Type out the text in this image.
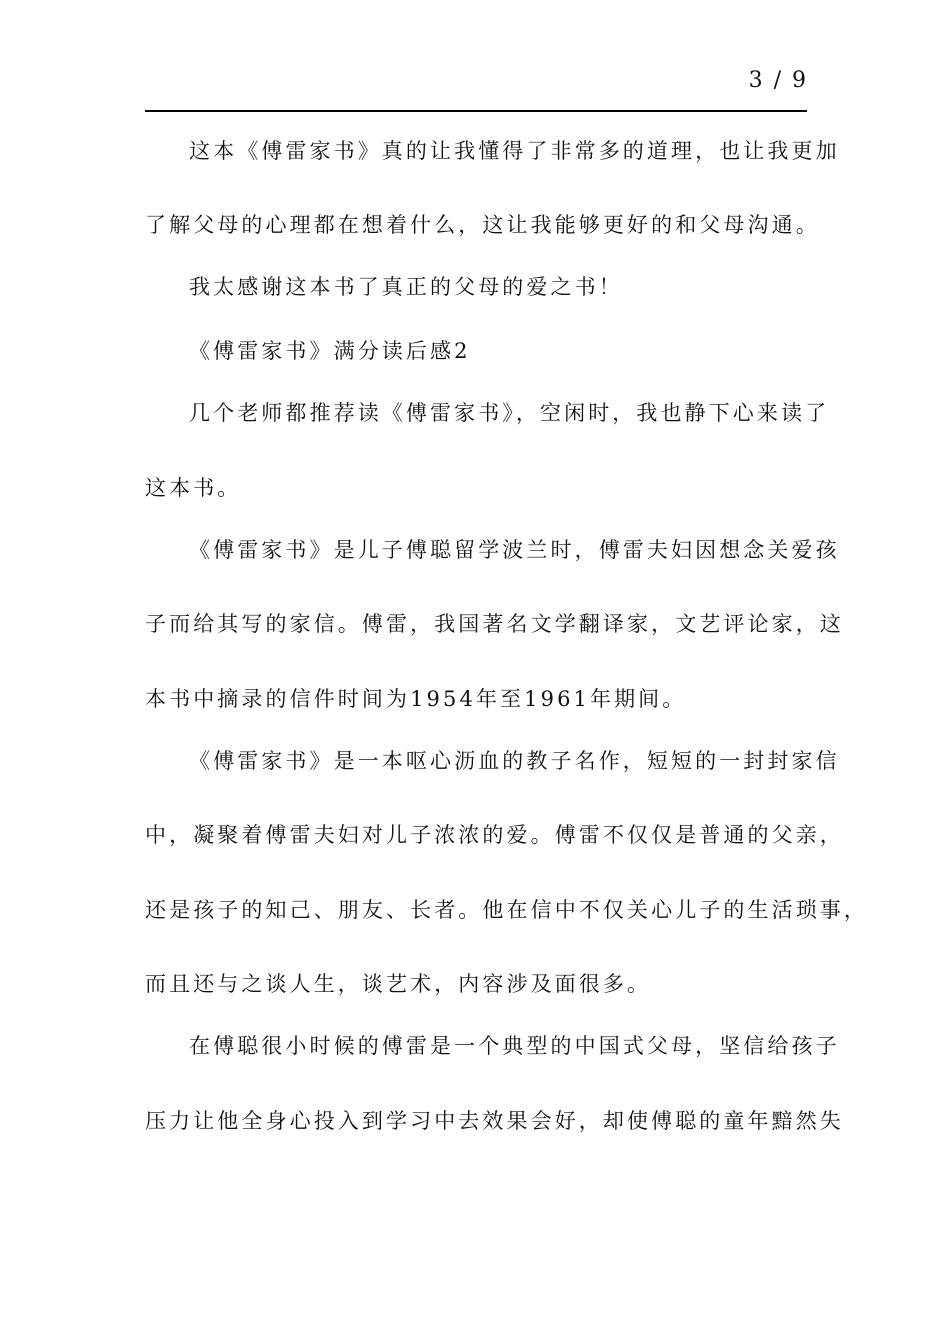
3 / 9

这本《傅雷家书》真的让我懂得了非常多的道理，也让我更加

了解父母的心理都在想着什么，这让我能够更好的和父母沟通。

我太感谢这本书了真正的父母的爱之书！

《傅雷家书》满分读后感2

几个老师都推荐读《傅雷家书》，空闲时，我也静下心来读了

这本书。

《傅雷家书》是儿子傅聪留学波兰时，傅雷夫妇因想念关爱孩

子而给其写的家信。傅雷，我国著名文学翻译家，文艺评论家，这

本书中摘录的信件时间为1954年至1961年期间。

《傅雷家书》是一本呕心沥血的教子名作，短短的一封封家信

中，凝聚着傅雷夫妇对儿子浓浓的爱。傅雷不仅仅是普通的父亲，

还是孩子的知己、朋友、长者。他在信中不仅关心儿子的生活琐事，

而且还与之谈人生，谈艺术，内容涉及面很多。

在傅聪很小时候的傅雷是一个典型的中国式父母，坚信给孩子

压力让他全身心投入到学习中去效果会好，却使傅聪的童年黯然失
